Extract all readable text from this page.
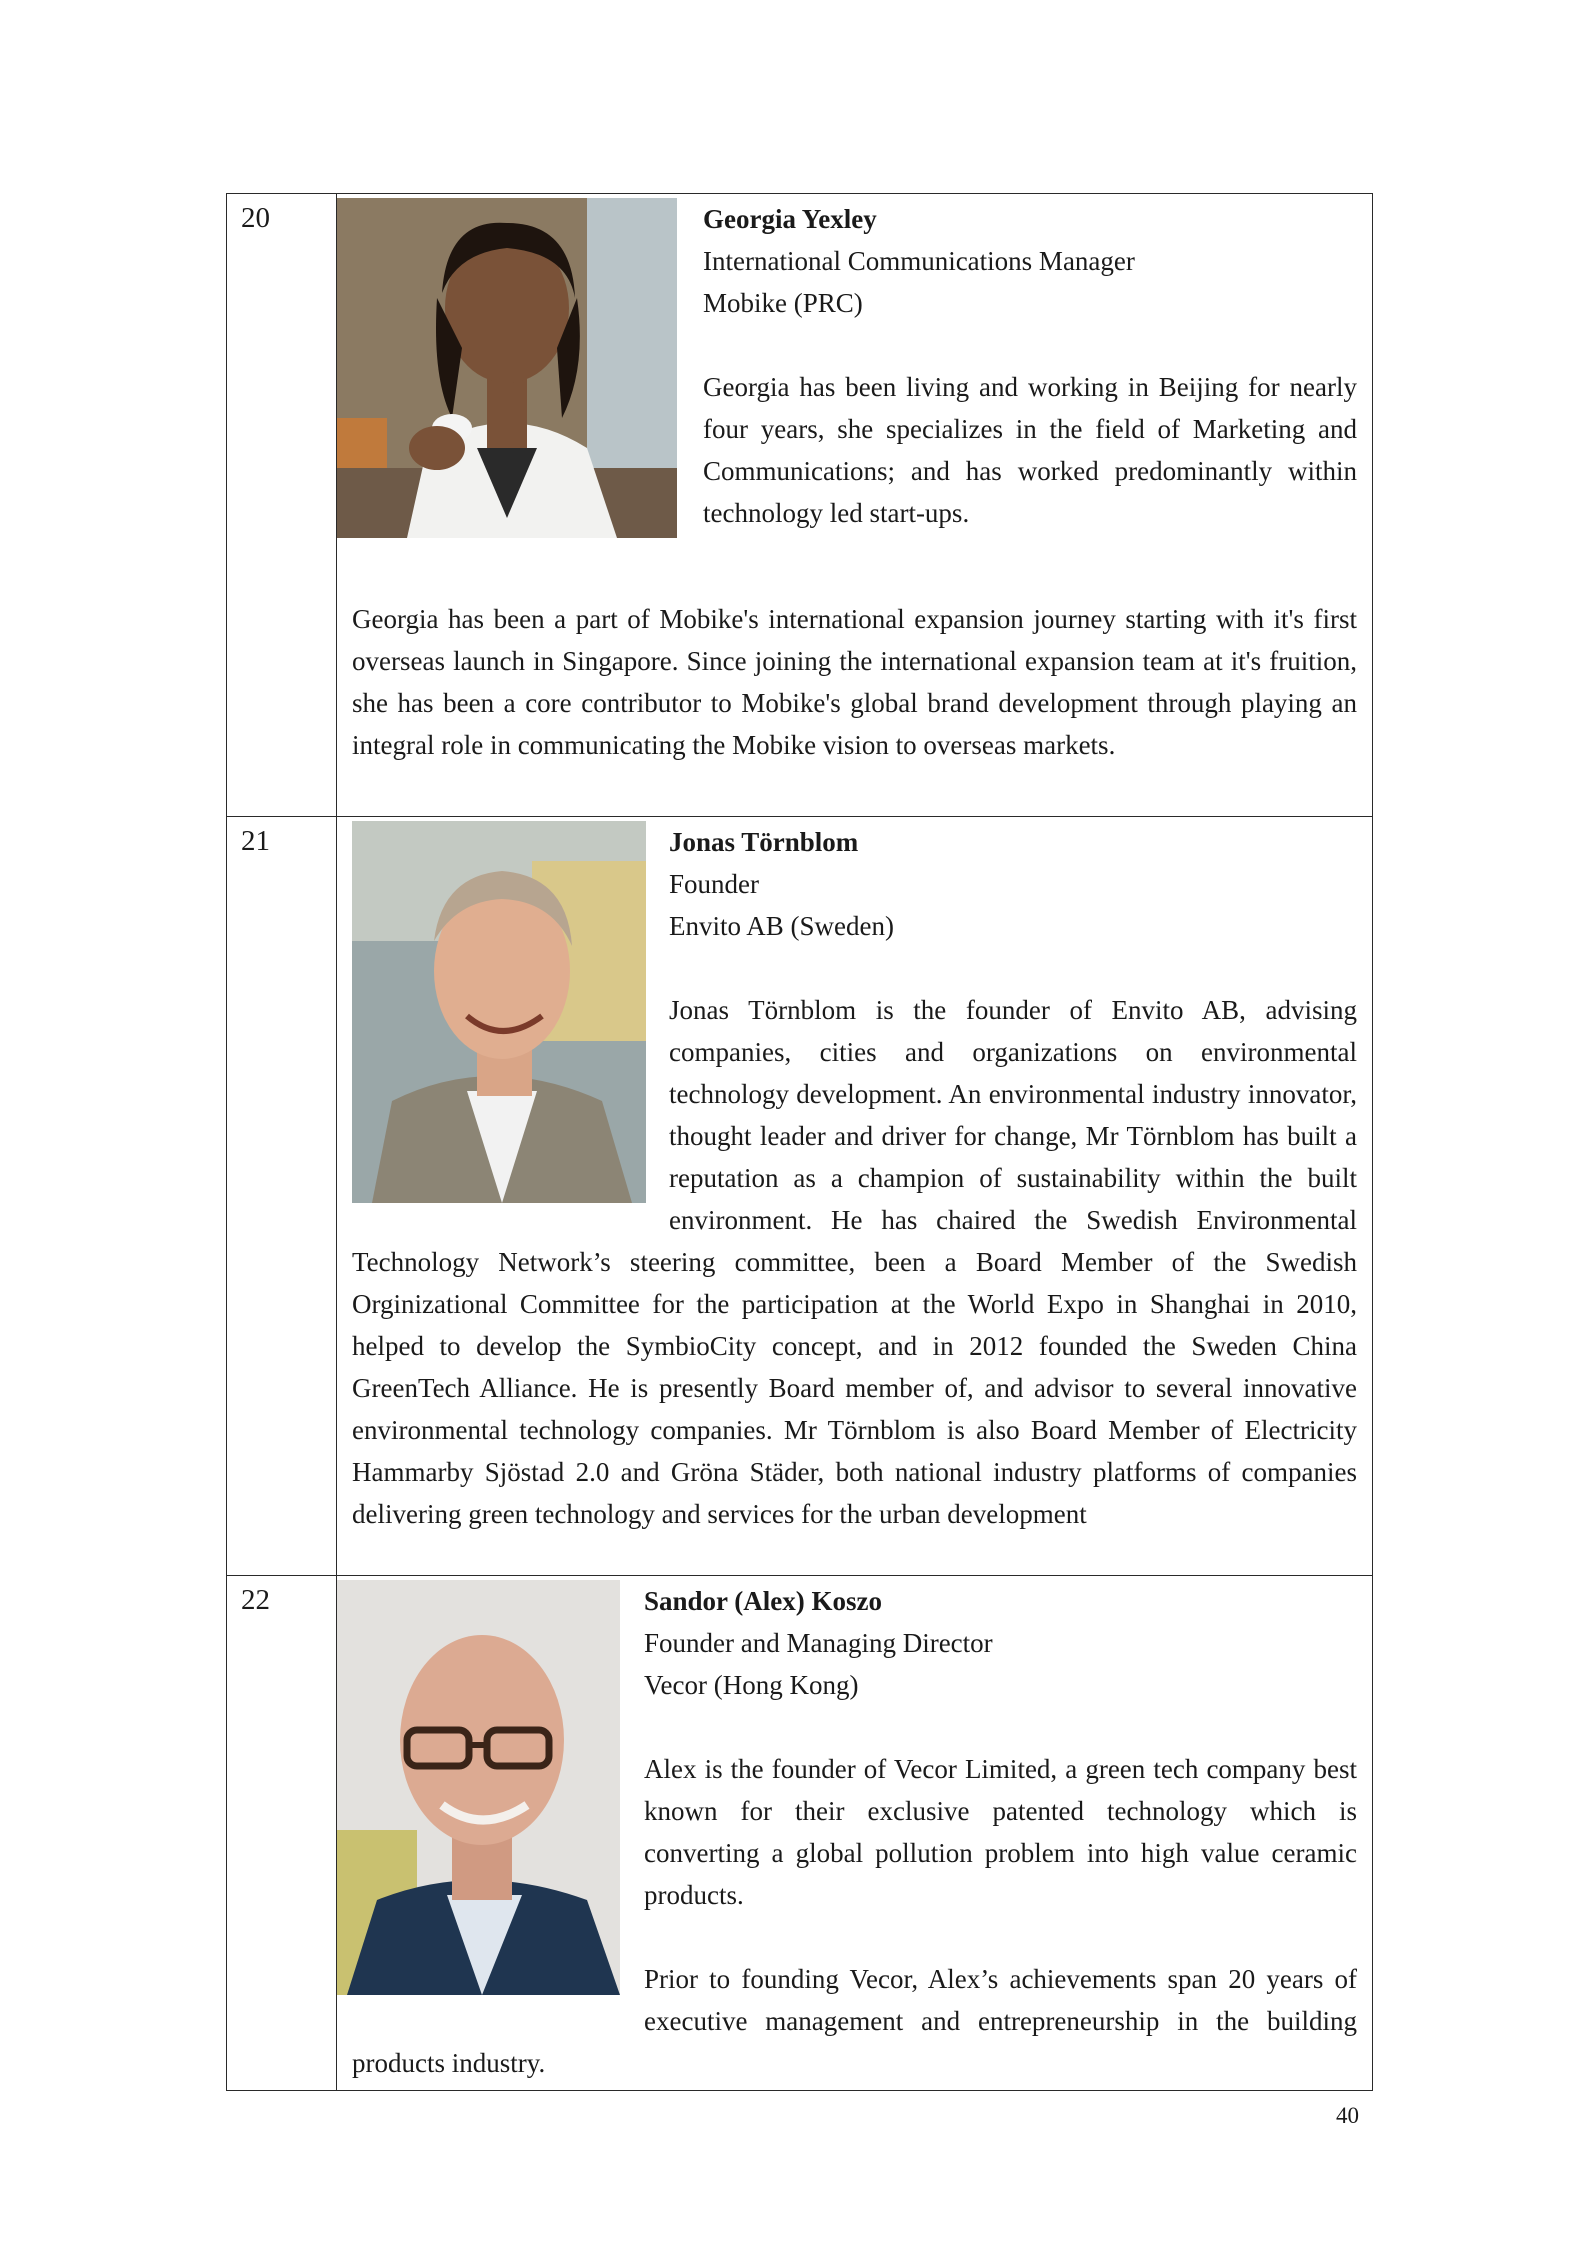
20	Georgia Yexley

International Communications Manager

Mobike (PRC)

Georgia has been living and working in Beijing for nearly four years, she specializes in the field of Marketing and Communications; and has worked predominantly within technology led start-ups.

Georgia has been a part of Mobike's international expansion journey starting with it's first overseas launch in Singapore. Since joining the international expansion team at it's fruition, she has been a core contributor to Mobike's global brand development through playing an integral role in communicating the Mobike vision to overseas markets.

21	Jonas Törnblom

Founder

Envito AB (Sweden)

Jonas Törnblom is the founder of Envito AB, advising companies, cities and organizations on environmental technology development. An environmental industry innovator, thought leader and driver for change, Mr Törnblom has built a reputation as a champion of sustainability within the built environment. He has chaired the Swedish Environmental Technology Network’s steering committee, been a Board Member of the Swedish Orginizational Committee for the participation at the World Expo in Shanghai in 2010, helped to develop the SymbioCity concept, and in 2012 founded the Sweden China GreenTech Alliance. He is presently Board member of, and advisor to several innovative environmental technology companies. Mr Törnblom is also Board Member of Electricity Hammarby Sjöstad 2.0 and Gröna Städer, both national industry platforms of companies delivering green technology and services for the urban development

22	Sandor (Alex) Koszo

Founder and Managing Director

Vecor (Hong Kong)

Alex is the founder of Vecor Limited, a green tech company best known for their exclusive patented technology which is converting a global pollution problem into high value ceramic products.

Prior to founding Vecor, Alex’s achievements span 20 years of executive management and entrepreneurship in the building products industry.

40
